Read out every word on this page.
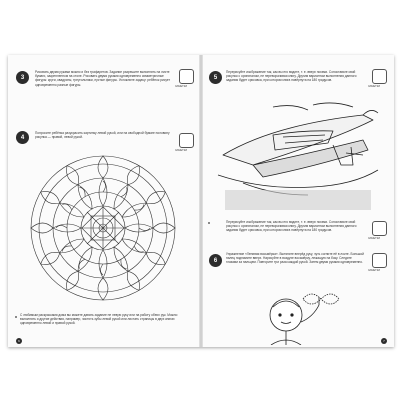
3

Рисовать двумя руками можно и без трафаретов. Задание разрешите выполнять на листе бумаги, закрепленном на столе. Рисовать двумя руками одновременно симметричные фигуры: круги, квадраты, треугольники, пустые фигуры. Усложните задачу: ребёнок рисует одновременно разные фигуры.	ЗАМЕТКИ
4

Попросите ребёнка разукрасить картинку левой рукой, или на свободной бумаге половину рисунка — правой, левой рукой.

ЗАМЕТКИ

С любимым раскрасками дома вы можете давать задание не левую руку или на работу обеих рук. Можно выполнять и другие действия, например, чистить зубы левой рукой или листать страницы в двух книгах одновременно левой и правой рукой.

6
5

Перерисуйте изображение так, как вы его видите, т. е. вверх ногами. Сопоставьте свой рисунок с оригиналом, не переворачивая книгу. Другим вариантом выполнения данного задания будет срисовка, при котором книга повёрнута на 180 градусов.

ЗАМЕТКИ

Перерисуйте изображение так, как вы его видите, т. е. вверх ногами. Сопоставьте свой рисунок с оригиналом, не переворачивая книгу. Другим вариантом выполнения данного задания будет срисовка, при котором книга повёрнута на 180 градусов.

ЗАМЕТКИ
6

Упражнение «Ленивая восьмёрка». Вытяните вперёд руку, чуть согните её в локте. Большой палец поднимите вверх. Нарисуйте в воздухе восьмёрку, лежащую на боку. Следите глазами за пальцем. Повторите три раза каждой рукой. Затем двумя руками одновременно.

ЗАМЕТКИ
7
